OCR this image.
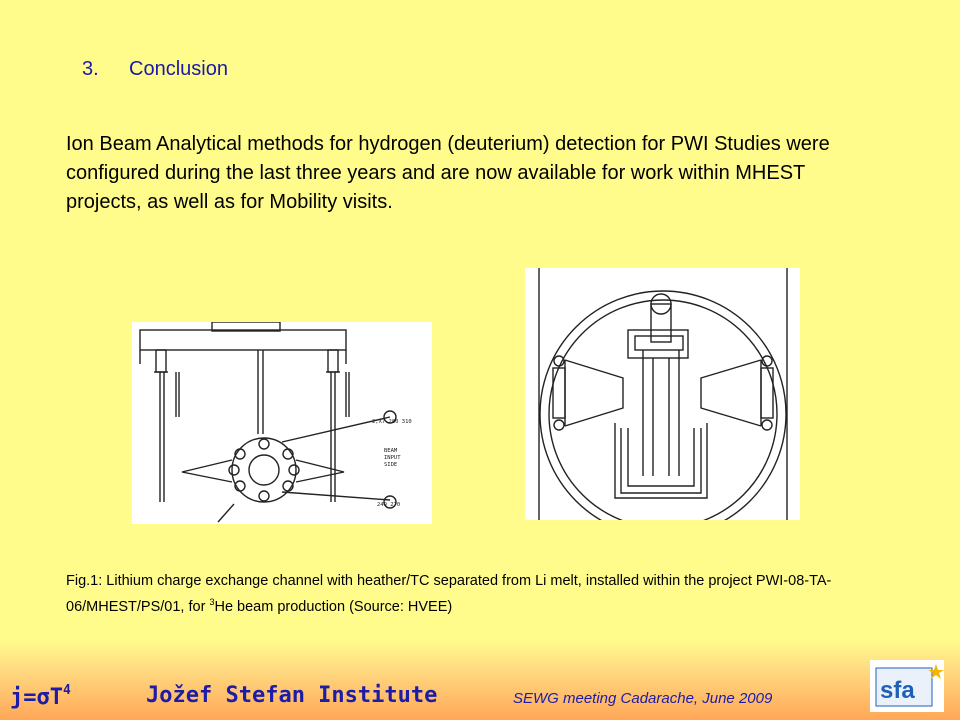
3. Conclusion
Ion Beam Analytical methods for hydrogen (deuterium) detection for PWI Studies were configured during the last three years and are now available for work within MHEST projects, as well as for Mobility visits.
2,X7 280 310
BEAM
INPUT
SIDE
249 270
Fig.1: Lithium charge exchange channel with heather/TC separated from Li melt, installed within the project PWI-08-TA-06/MHEST/PS/01, for $^3$He beam production (Source: HVEE)
$j=\sigma T^4$	Jožef Stefan Institute	SEWG meeting Cadarache, June 2009	sfa
